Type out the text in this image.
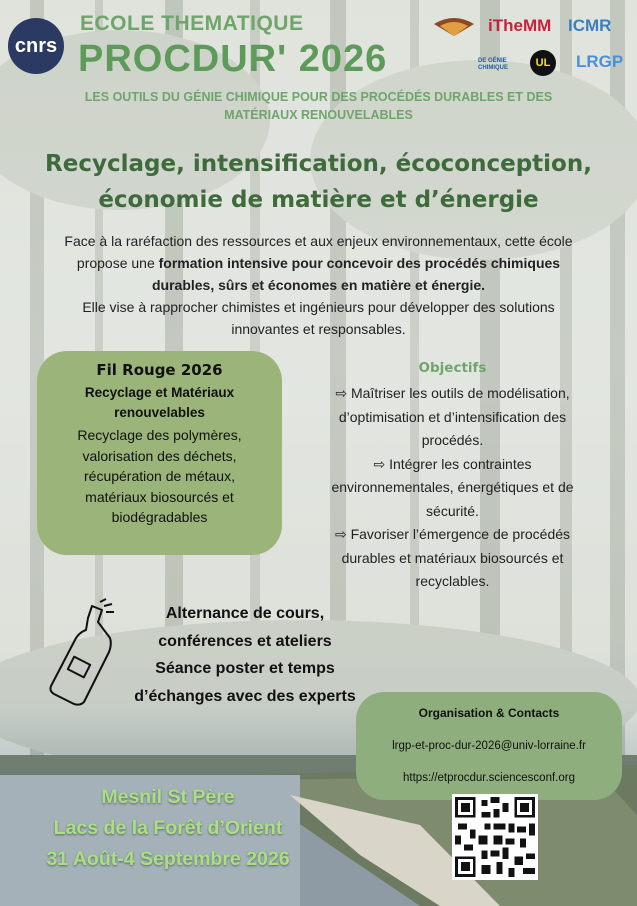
cnrs
ECOLE THEMATIQUE
PROCDUR' 2026
iTheMM ICMR
DE GÉNIE CHIMIQUE	UL	LRGP
LES OUTILS DU GÉNIE CHIMIQUE POUR DES PROCÉDÉS DURABLES ET DES
MATÉRIAUX RENOUVELABLES
Recyclage, intensification, écoconception,
économie de matière et d’énergie
Face à la raréfaction des ressources et aux enjeux environnementaux, cette école
propose une formation intensive pour concevoir des procédés chimiques
durables, sûrs et économes en matière et énergie.
Elle vise à rapprocher chimistes et ingénieurs pour développer des solutions
innovantes et responsables.
Fil Rouge 2026
Recyclage et Matériaux
renouvelables
Recyclage des polymères,
valorisation des déchets,
récupération de métaux,
matériaux biosourcés et
biodégradables
Objectifs
⇨ Maîtriser les outils de modélisation,
d’optimisation et d’intensification des
procédés.
⇨ Intégrer les contraintes
environnementales, énergétiques et de
sécurité.
⇨ Favoriser l’émergence de procédés
durables et matériaux biosourcés et
recyclables.
Alternance de cours,
conférences et ateliers
Séance poster et temps
d’échanges avec des experts
Organisation & Contacts
lrgp-et-proc-dur-2026@univ-lorraine.fr
https://etprocdur.sciencesconf.org
Mesnil St Père
Lacs de la Forêt d’Orient
31 Août-4 Septembre 2026
